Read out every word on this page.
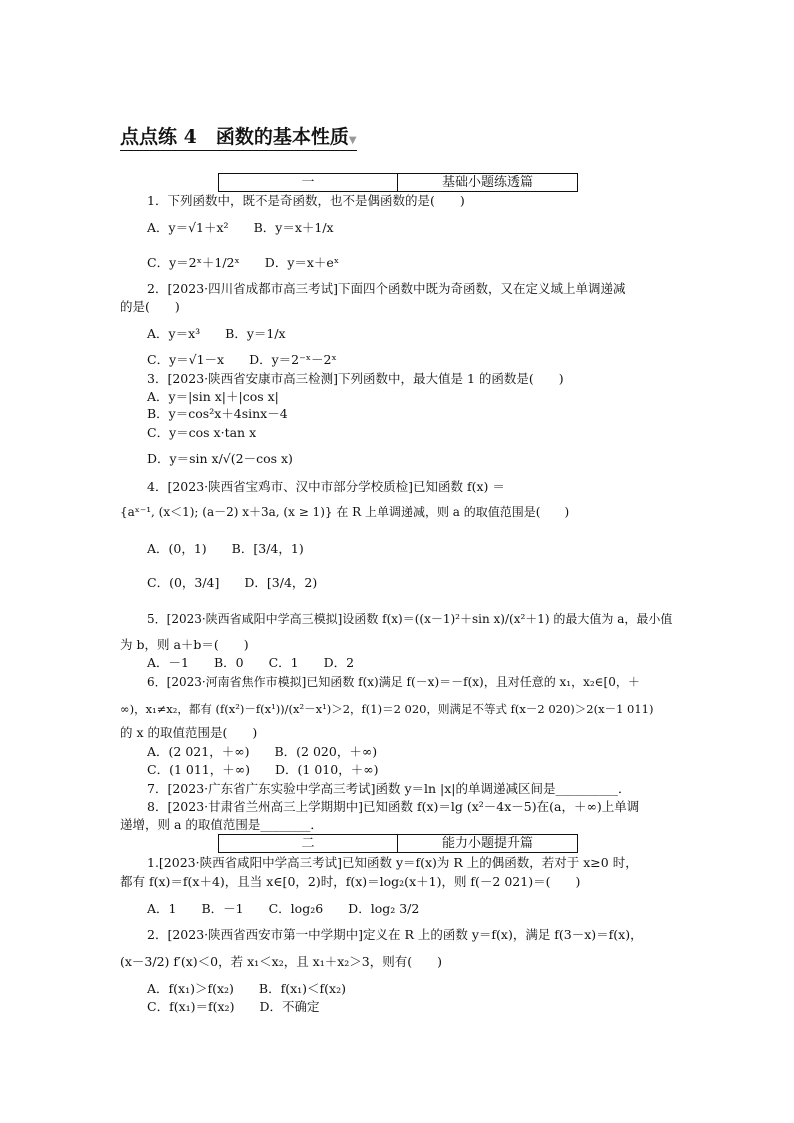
点点练 4　函数的基本性质▼
一	基础小题练透篇
1．下列函数中，既不是奇函数，也不是偶函数的是(　　)
A．y＝√1＋x²　　B．y＝x＋1/x
C．y＝2ˣ＋1/2ˣ　　D．y＝x＋eˣ
2．[2023·四川省成都市高三考试]下面四个函数中既为奇函数，又在定义域上单调递减
的是(　　)
A．y＝x³　　B．y＝1/x
C．y＝√1－x　　D．y＝2⁻ˣ－2ˣ
3．[2023·陕西省安康市高三检测]下列函数中，最大值是 1 的函数是(　　)
A．y＝|sin x|＋|cos x|
B．y＝cos²x＋4sinx－4
C．y＝cos x·tan x
D．y＝sin x/√(2－cos x)
4．[2023·陕西省宝鸡市、汉中市部分学校质检]已知函数 f(x) ＝
{aˣ⁻¹, (x＜1); (a－2) x＋3a, (x ≥ 1)} 在 R 上单调递减，则 a 的取值范围是(　　)
A．(0，1)　　B．[3/4，1)
C．(0，3/4]　　D．[3/4，2)
5．[2023·陕西省咸阳中学高三模拟]设函数 f(x)＝((x－1)²＋sin x)/(x²＋1) 的最大值为 a，最小值
为 b，则 a＋b＝(　　)
A．－1　　B．0　　C．1　　D．2
6．[2023·河南省焦作市模拟]已知函数 f(x)满足 f(－x)＝－f(x)，且对任意的 x₁，x₂∈[0，＋
∞)，x₁≠x₂，都有 (f(x²)－f(x¹))/(x²－x¹)＞2，f(1)＝2 020，则满足不等式 f(x－2 020)＞2(x－1 011)
的 x 的取值范围是(　　)
A．(2 021，＋∞)　　B．(2 020，＋∞)
C．(1 011，＋∞)　　D．(1 010，＋∞)
7．[2023·广东省广东实验中学高三考试]函数 y＝ln |x|的单调递减区间是__________．
8．[2023·甘肃省兰州高三上学期期中]已知函数 f(x)＝lg (x²－4x－5)在(a，＋∞)上单调
递增，则 a 的取值范围是________．
二	能力小题提升篇
1.[2023·陕西省咸阳中学高三考试]已知函数 y＝f(x)为 R 上的偶函数，若对于 x≥0 时，
都有 f(x)＝f(x＋4)，且当 x∈[0，2)时，f(x)＝log₂(x＋1)，则 f(－2 021)＝(　　)
A．1　　B．－1　　C．log₂6　　D．log₂ 3/2
2．[2023·陕西省西安市第一中学期中]定义在 R 上的函数 y＝f(x)，满足 f(3－x)＝f(x)，
(x－3/2) f′(x)＜0，若 x₁＜x₂，且 x₁＋x₂＞3，则有(　　)
A．f(x₁)＞f(x₂)　　B．f(x₁)＜f(x₂)
C．f(x₁)＝f(x₂)　　D．不确定
